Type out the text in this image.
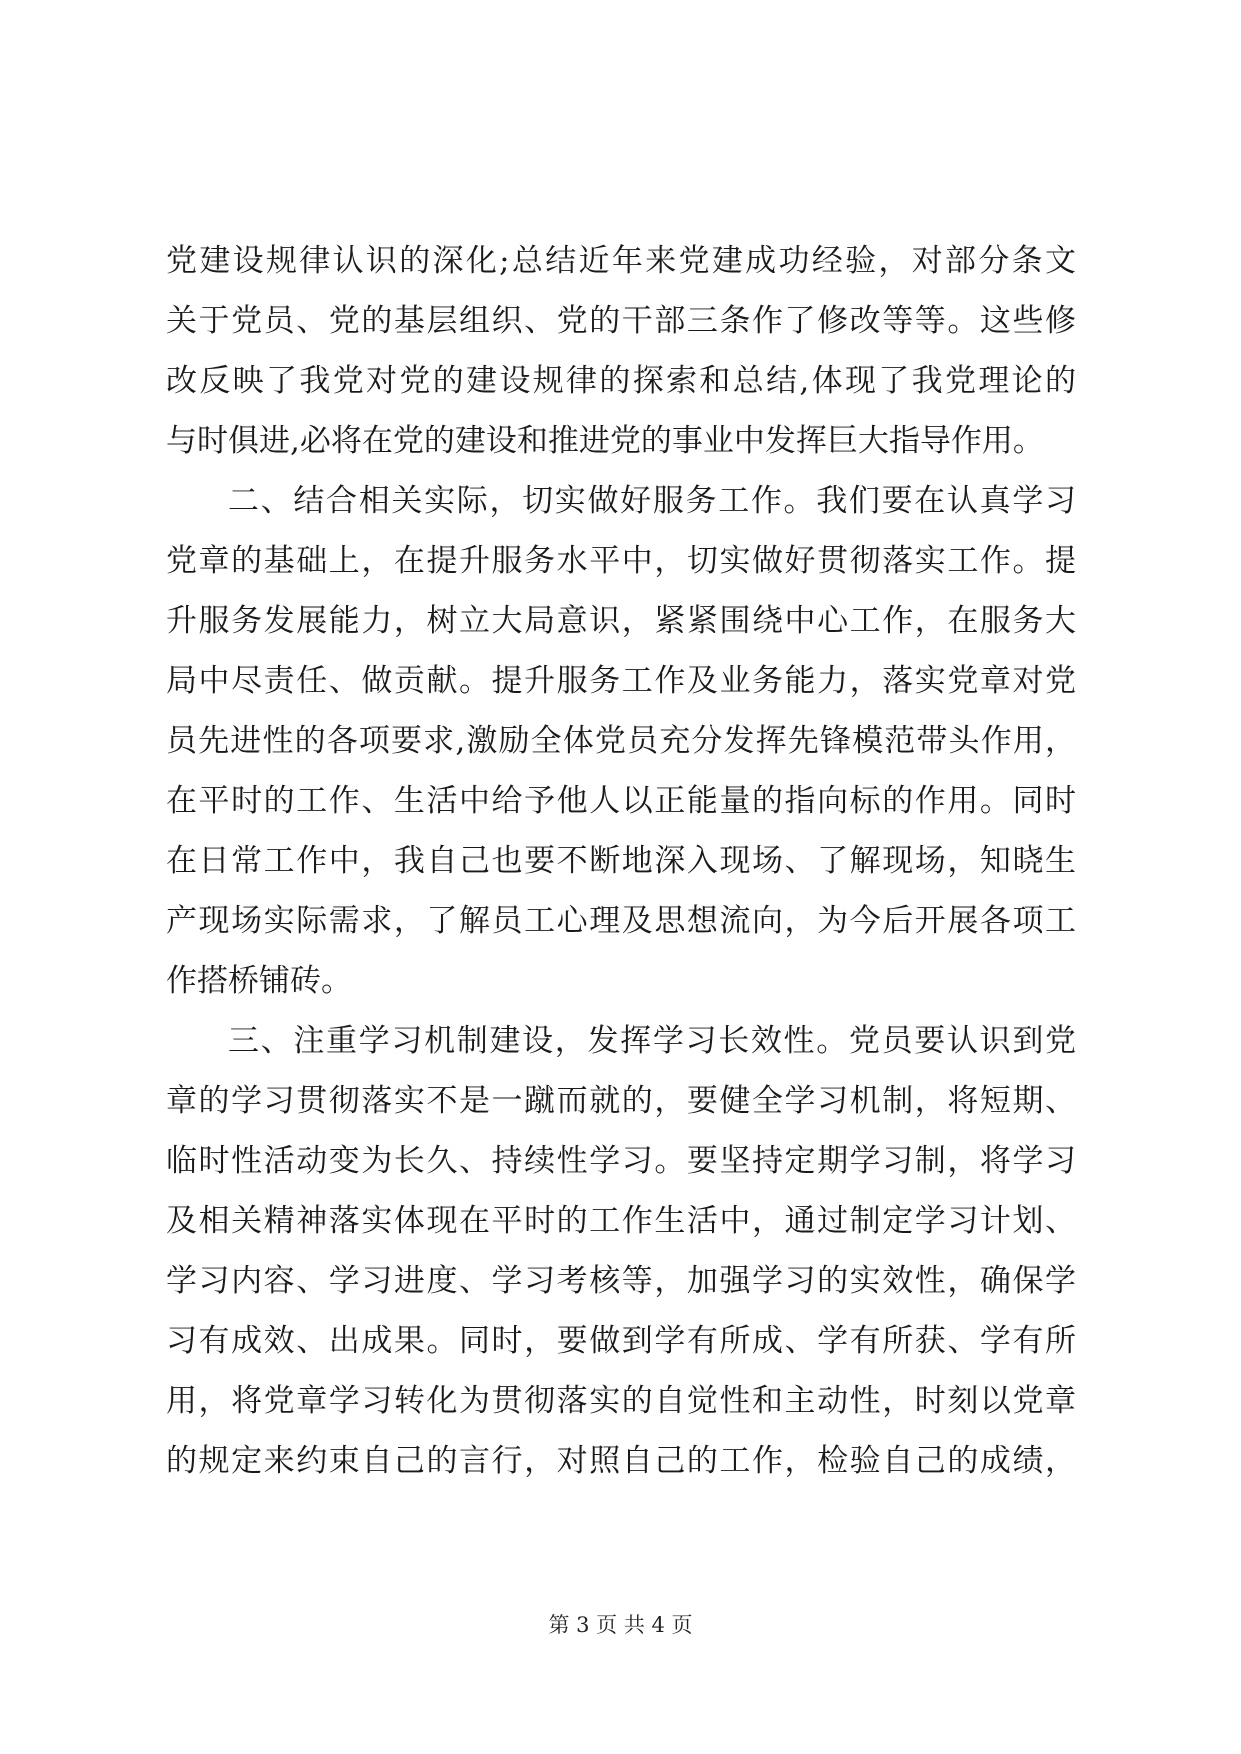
党建设规律认识的深化;总结近年来党建成功经验，对部分条文
关于党员、党的基层组织、党的干部三条作了修改等等。这些修
改反映了我党对党的建设规律的探索和总结,体现了我党理论的
与时俱进,必将在党的建设和推进党的事业中发挥巨大指导作用。
二、结合相关实际，切实做好服务工作。我们要在认真学习
党章的基础上，在提升服务水平中，切实做好贯彻落实工作。提
升服务发展能力，树立大局意识，紧紧围绕中心工作，在服务大
局中尽责任、做贡献。提升服务工作及业务能力，落实党章对党
员先进性的各项要求,激励全体党员充分发挥先锋模范带头作用，
在平时的工作、生活中给予他人以正能量的指向标的作用。同时
在日常工作中，我自己也要不断地深入现场、了解现场，知晓生
产现场实际需求，了解员工心理及思想流向，为今后开展各项工
作搭桥铺砖。
三、注重学习机制建设，发挥学习长效性。党员要认识到党
章的学习贯彻落实不是一蹴而就的，要健全学习机制，将短期、
临时性活动变为长久、持续性学习。要坚持定期学习制，将学习
及相关精神落实体现在平时的工作生活中，通过制定学习计划、
学习内容、学习进度、学习考核等，加强学习的实效性，确保学
习有成效、出成果。同时，要做到学有所成、学有所获、学有所
用，将党章学习转化为贯彻落实的自觉性和主动性，时刻以党章
的规定来约束自己的言行，对照自己的工作，检验自己的成绩，
第 3 页 共 4 页
